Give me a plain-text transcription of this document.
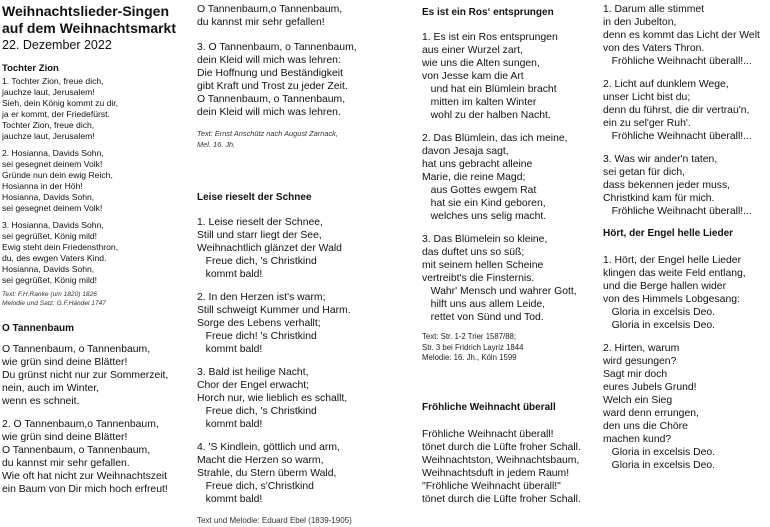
Weihnachtslieder-Singen
auf dem Weihnachtsmarkt
22. Dezember 2022
Tochter Zion
1. Tochter Zion, freue dich,
jauchze laut, Jerusalem!
Sieh, dein König kommt zu dir,
ja er kommt, der Friedefürst.
Tochter Zion, freue dich,
jauchze laut, Jerusalem!
2. Hosianna, Davids Sohn,
sei gesegnet deinem Volk!
Gründe nun dein ewig Reich,
Hosianna in der Höh!
Hosianna, Davids Sohn,
sei gesegnet deinem Volk!
3. Hosianna, Davids Sohn,
sei gegrüßet, König mild!
Ewig steht dein Friedensthron,
du, des ewgen Vaters Kind.
Hosianna, Davids Sohn,
sei gegrüßet, König mild!
Text: F.H.Ranke (um 1820) 1826
Melodie und Satz: G.F.Händel 1747
O Tannenbaum
O Tannenbaum, o Tannenbaum,
wie grün sind deine Blätter!
Du grünst nicht nur zur Sommerzeit,
nein, auch im Winter,
wenn es schneit.
2. O Tannenbaum,o Tannenbaum,
wie grün sind deine Blätter!
O Tannenbaum, o Tannenbaum,
du kannst mir sehr gefallen.
Wie oft hat nicht zur Weihnachtszeit
ein Baum von Dir mich hoch erfreut!
O Tannenbaum,o Tannenbaum,
du kannst mir sehr gefallen!
3. O Tannenbaum, o Tannenbaum,
dein Kleid will mich was lehren:
Die Hoffnung und Beständigkeit
gibt Kraft und Trost zu jeder Zeit.
O Tannenbaum, o Tannenbaum,
dein Kleid will mich was lehren.
Text: Ernst Anschütz nach August Zarnack,
Mel. 16. Jh.
Leise rieselt der Schnee
1. Leise rieselt der Schnee,
Still und starr liegt der See,
Weihnachtlich glänzet der Wald
Freue dich, 's Christkind
kommt bald!
2. In den Herzen ist's warm;
Still schweigt Kummer und Harm.
Sorge des Lebens verhallt;
Freue dich! 's Christkind
kommt bald!
3. Bald ist heilige Nacht,
Chor der Engel erwacht;
Horch nur, wie lieblich es schallt,
Freue dich, 's Christkind
kommt bald!
4. 'S Kindlein, göttlich und arm,
Macht die Herzen so warm,
Strahle, du Stern überm Wald,
Freue dich, s'Christkind
kommt bald!
Text und Melodie: Eduard Ebel (1839-1905)
Es ist ein Ros‘ entsprungen
1. Es ist ein Ros entsprungen
aus einer Wurzel zart,
wie uns die Alten sungen,
von Jesse kam die Art
und hat ein Blümlein bracht
mitten im kalten Winter
wohl zu der halben Nacht.
2. Das Blümlein, das ich meine,
davon Jesaja sagt,
hat uns gebracht alleine
Marie, die reine Magd;
aus Gottes ewgem Rat
hat sie ein Kind geboren,
welches uns selig macht.
3. Das Blümelein so kleine,
das duftet uns so süß;
mit seinem hellen Scheine
vertreibt's die Finsternis.
Wahr' Mensch und wahrer Gott,
hilft uns aus allem Leide,
rettet von Sünd und Tod.
Text: Str. 1-2 Trier 1587/88;
Str. 3 bei Fridrich Layriz 1844
Melodie: 16. Jh., Köln 1599
Fröhliche Weihnacht überall
Fröhliche Weihnacht überall!
tönet durch die Lüfte froher Schall.
Weihnachtston, Weihnachtsbaum,
Weihnachtsduft in jedem Raum!
"Fröhliche Weihnacht überall!"
tönet durch die Lüfte froher Schall.
1. Darum alle stimmet
in den Jubelton,
denn es kommt das Licht der Welt
von des Vaters Thron.
Fröhliche Weihnacht überall!...
2. Licht auf dunklem Wege,
unser Licht bist du;
denn du führst, die dir vertrau'n,
ein zu sel'ger Ruh'.
Fröhliche Weihnacht überall!...
3. Was wir ander'n taten,
sei getan für dich,
dass bekennen jeder muss,
Christkind kam für mich.
Fröhliche Weihnacht überall!...
Hört, der Engel helle Lieder
1. Hört, der Engel helle Lieder
klingen das weite Feld entlang,
und die Berge hallen wider
von des Himmels Lobgesang:
Gloria in excelsis Deo.
Gloria in excelsis Deo.
2. Hirten, warum
wird gesungen?
Sagt mir doch
eures Jubels Grund!
Welch ein Sieg
ward denn errungen,
den uns die Chöre
machen kund?
Gloria in excelsis Deo.
Gloria in excelsis Deo.
